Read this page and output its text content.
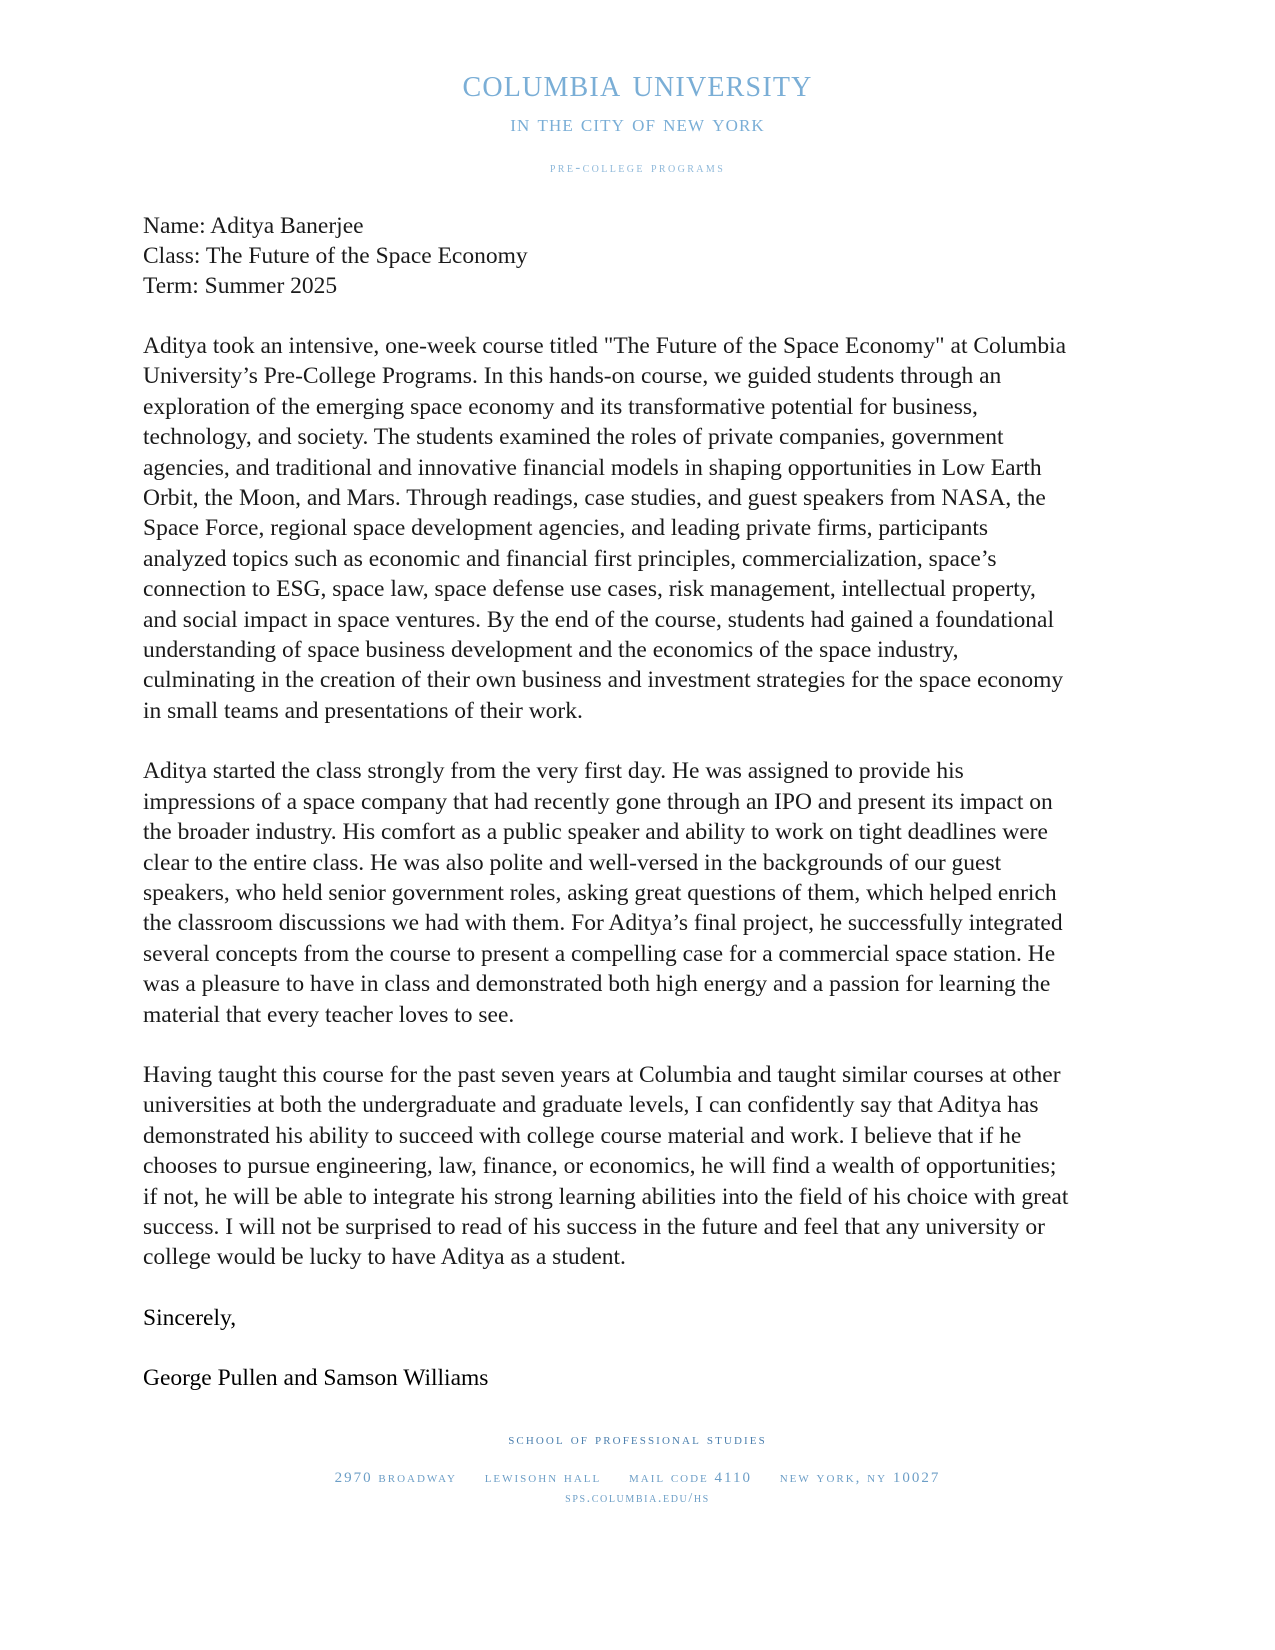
columbia university
in the city of new york
pre-college programs
Name: Aditya Banerjee
Class: The Future of the Space Economy
Term: Summer 2025

Aditya took an intensive, one-week course titled "The Future of the Space Economy" at Columbia University’s Pre-College Programs. In this hands-on course, we guided students through an exploration of the emerging space economy and its transformative potential for business, technology, and society. The students examined the roles of private companies, government agencies, and traditional and innovative financial models in shaping opportunities in Low Earth Orbit, the Moon, and Mars. Through readings, case studies, and guest speakers from NASA, the Space Force, regional space development agencies, and leading private firms, participants analyzed topics such as economic and financial first principles, commercialization, space’s connection to ESG, space law, space defense use cases, risk management, intellectual property, and social impact in space ventures. By the end of the course, students had gained a foundational understanding of space business development and the economics of the space industry, culminating in the creation of their own business and investment strategies for the space economy in small teams and presentations of their work.

Aditya started the class strongly from the very first day. He was assigned to provide his impressions of a space company that had recently gone through an IPO and present its impact on the broader industry. His comfort as a public speaker and ability to work on tight deadlines were clear to the entire class. He was also polite and well-versed in the backgrounds of our guest speakers, who held senior government roles, asking great questions of them, which helped enrich the classroom discussions we had with them. For Aditya’s final project, he successfully integrated several concepts from the course to present a compelling case for a commercial space station. He was a pleasure to have in class and demonstrated both high energy and a passion for learning the material that every teacher loves to see.

Having taught this course for the past seven years at Columbia and taught similar courses at other universities at both the undergraduate and graduate levels, I can confidently say that Aditya has demonstrated his ability to succeed with college course material and work. I believe that if he chooses to pursue engineering, law, finance, or economics, he will find a wealth of opportunities; if not, he will be able to integrate his strong learning abilities into the field of his choice with great success. I will not be surprised to read of his success in the future and feel that any university or college would be lucky to have Aditya as a student.

Sincerely,
George Pullen and Samson Williams
school of professional studies
2970 broadway lewisohn hall mail code 4110 new york, ny 10027
sps.columbia.edu/hs
